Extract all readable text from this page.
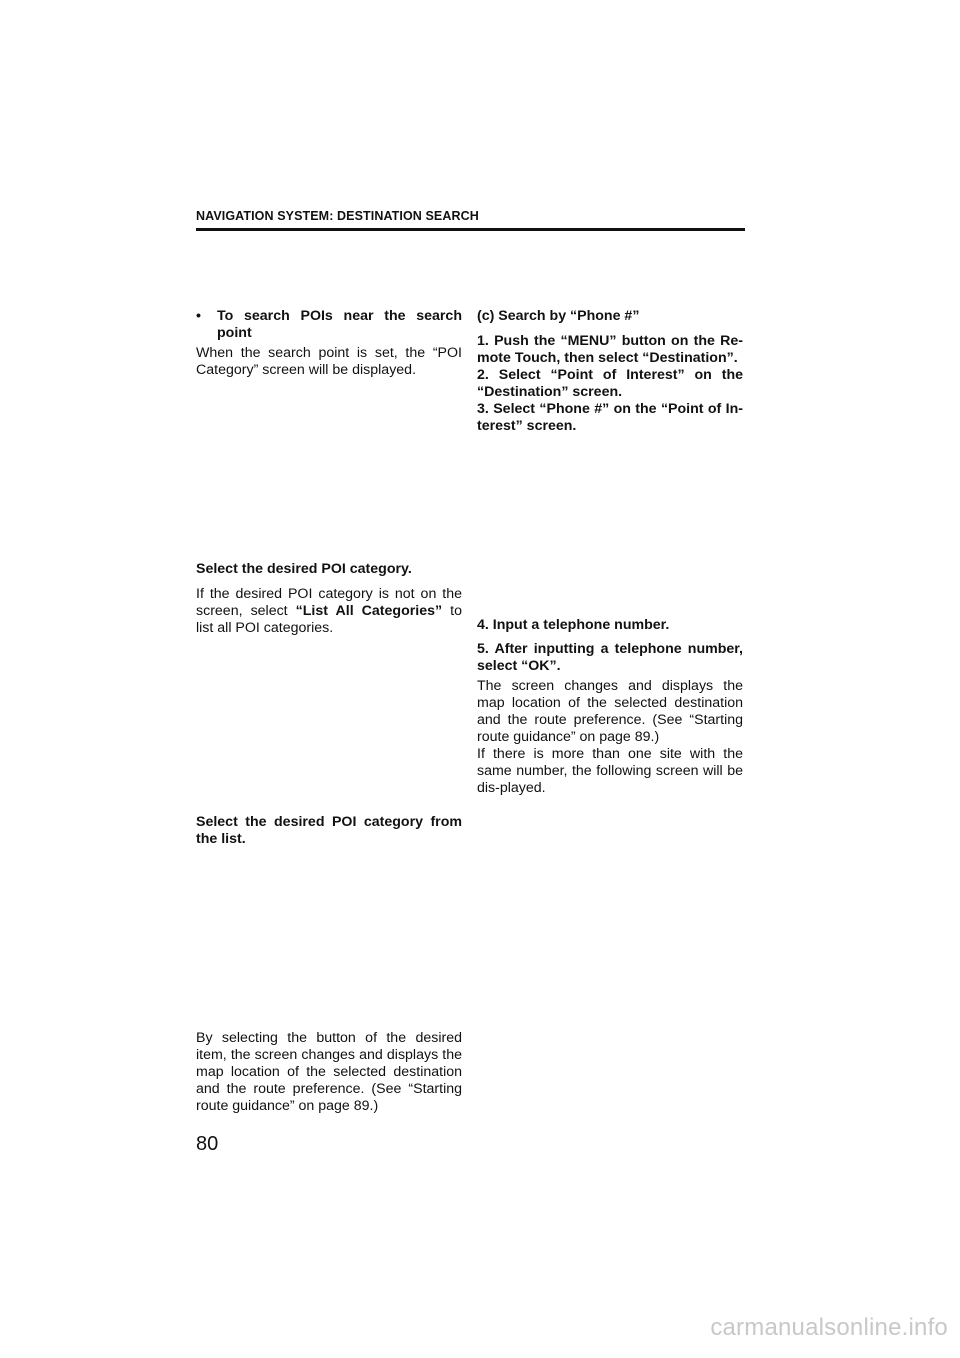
NAVIGATION SYSTEM: DESTINATION SEARCH
•	To search POIs near the search point

When the search point is set, the “POI Category” screen will be displayed.

Select the desired POI category.

If the desired POI category is not on the screen, select “List All Categories” to list all POI categories.

Select the desired POI category from the list.

By selecting the button of the desired item, the screen changes and displays the map location of the selected destination and the route preference. (See “Starting route guidance” on page 89.)

(c) Search by “Phone #”

1. Push the “MENU” button on the Re-mote Touch, then select “Destination”.

2. Select “Point of Interest” on the “Destination” screen.

3. Select “Phone #” on the “Point of In-terest” screen.

4. Input a telephone number.

5. After inputting a telephone number, select “OK”.

The screen changes and displays the map location of the selected destination and the route preference. (See “Starting route guidance” on page 89.)

If there is more than one site with the same number, the following screen will be dis-played.

80
carmanualsonline.info
